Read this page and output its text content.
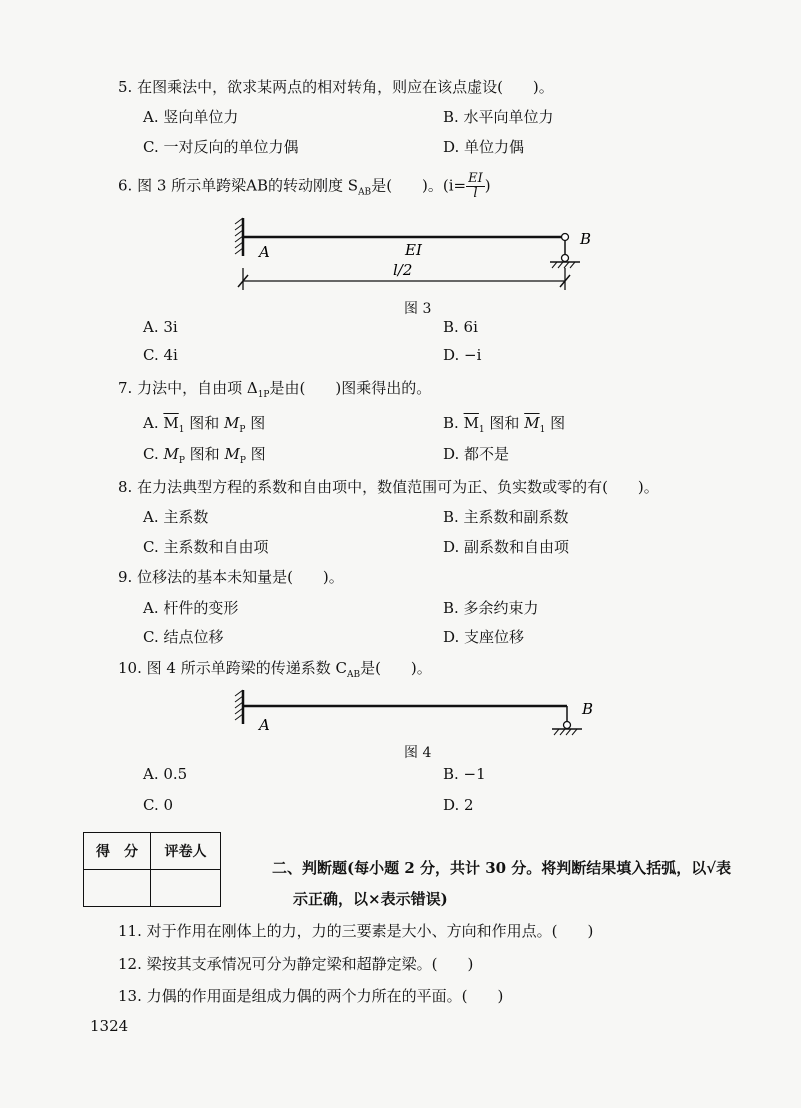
5. 在图乘法中，欲求某两点的相对转角，则应在该点虚设(　　)。
A. 竖向单位力	B. 水平向单位力
C. 一对反向的单位力偶	D. 单位力偶
6. 图 3 所示单跨梁AB的转动刚度 $S_{AB}$是(　　)。($i= \frac{EI}{l}$ )
A
B
EI
l/2
图 3
A. 3i	B. 6i
C. 4i	D. −i
7. 力法中，自由项 $\Delta_{1P}$是由(　　)图乘得出的。
A. $\overline{M}_1$ 图和 $M_P$ 图	B. $\overline{M}_1$ 图和 $\overline{M}_1$ 图
C. $M_P$ 图和 $M_P$ 图	D. 都不是
8. 在力法典型方程的系数和自由项中，数值范围可为正、负实数或零的有(　　)。
A. 主系数	B. 主系数和副系数
C. 主系数和自由项	D. 副系数和自由项
9. 位移法的基本未知量是(　　)。
A. 杆件的变形	B. 多余约束力
C. 结点位移	D. 支座位移
10. 图 4 所示单跨梁的传递系数 $C_{AB}$是(　　)。
A
B
图 4
A. 0.5	B. −1
C. 0	D. 2
得　分	评卷人

二、判断题(每小题 2 分，共计 30 分。将判断结果填入括弧，以√表
示正确，以×表示错误)
11. 对于作用在刚体上的力，力的三要素是大小、方向和作用点。(　　)
12. 梁按其支承情况可分为静定梁和超静定梁。(　　)
13. 力偶的作用面是组成力偶的两个力所在的平面。(　　)
1324
